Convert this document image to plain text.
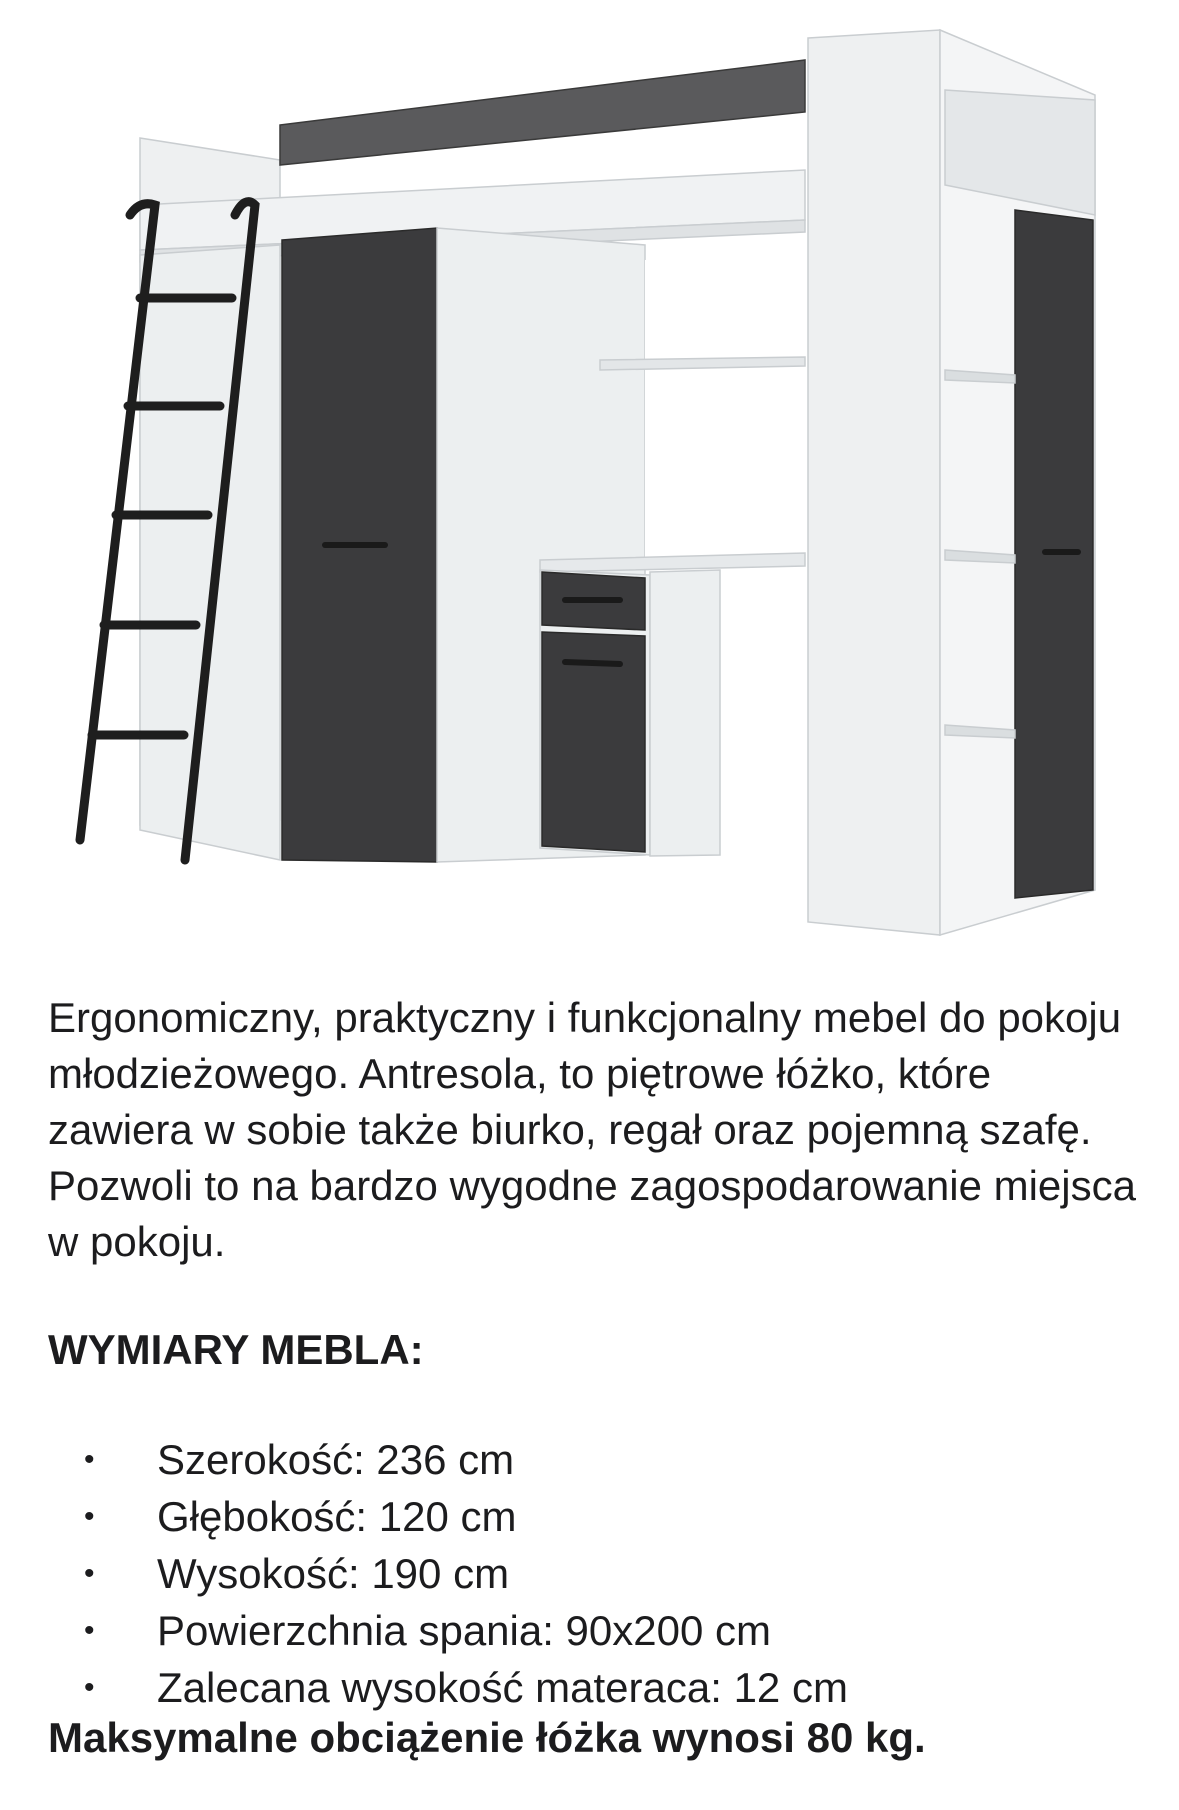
Ergonomiczny, praktyczny i funkcjonalny mebel do pokoju młodzieżowego. Antresola, to piętrowe łóżko, które zawiera w sobie także biurko, regał oraz pojemną szafę. Pozwoli to na bardzo wygodne zagospodarowanie miejsca w pokoju.

WYMIARY MEBLA:
• Szerokość: 236 cm
• Głębokość: 120 cm
• Wysokość: 190 cm
• Powierzchnia spania: 90x200 cm
• Zalecana wysokość materaca: 12 cm

Maksymalne obciążenie łóżka wynosi 80 kg.
